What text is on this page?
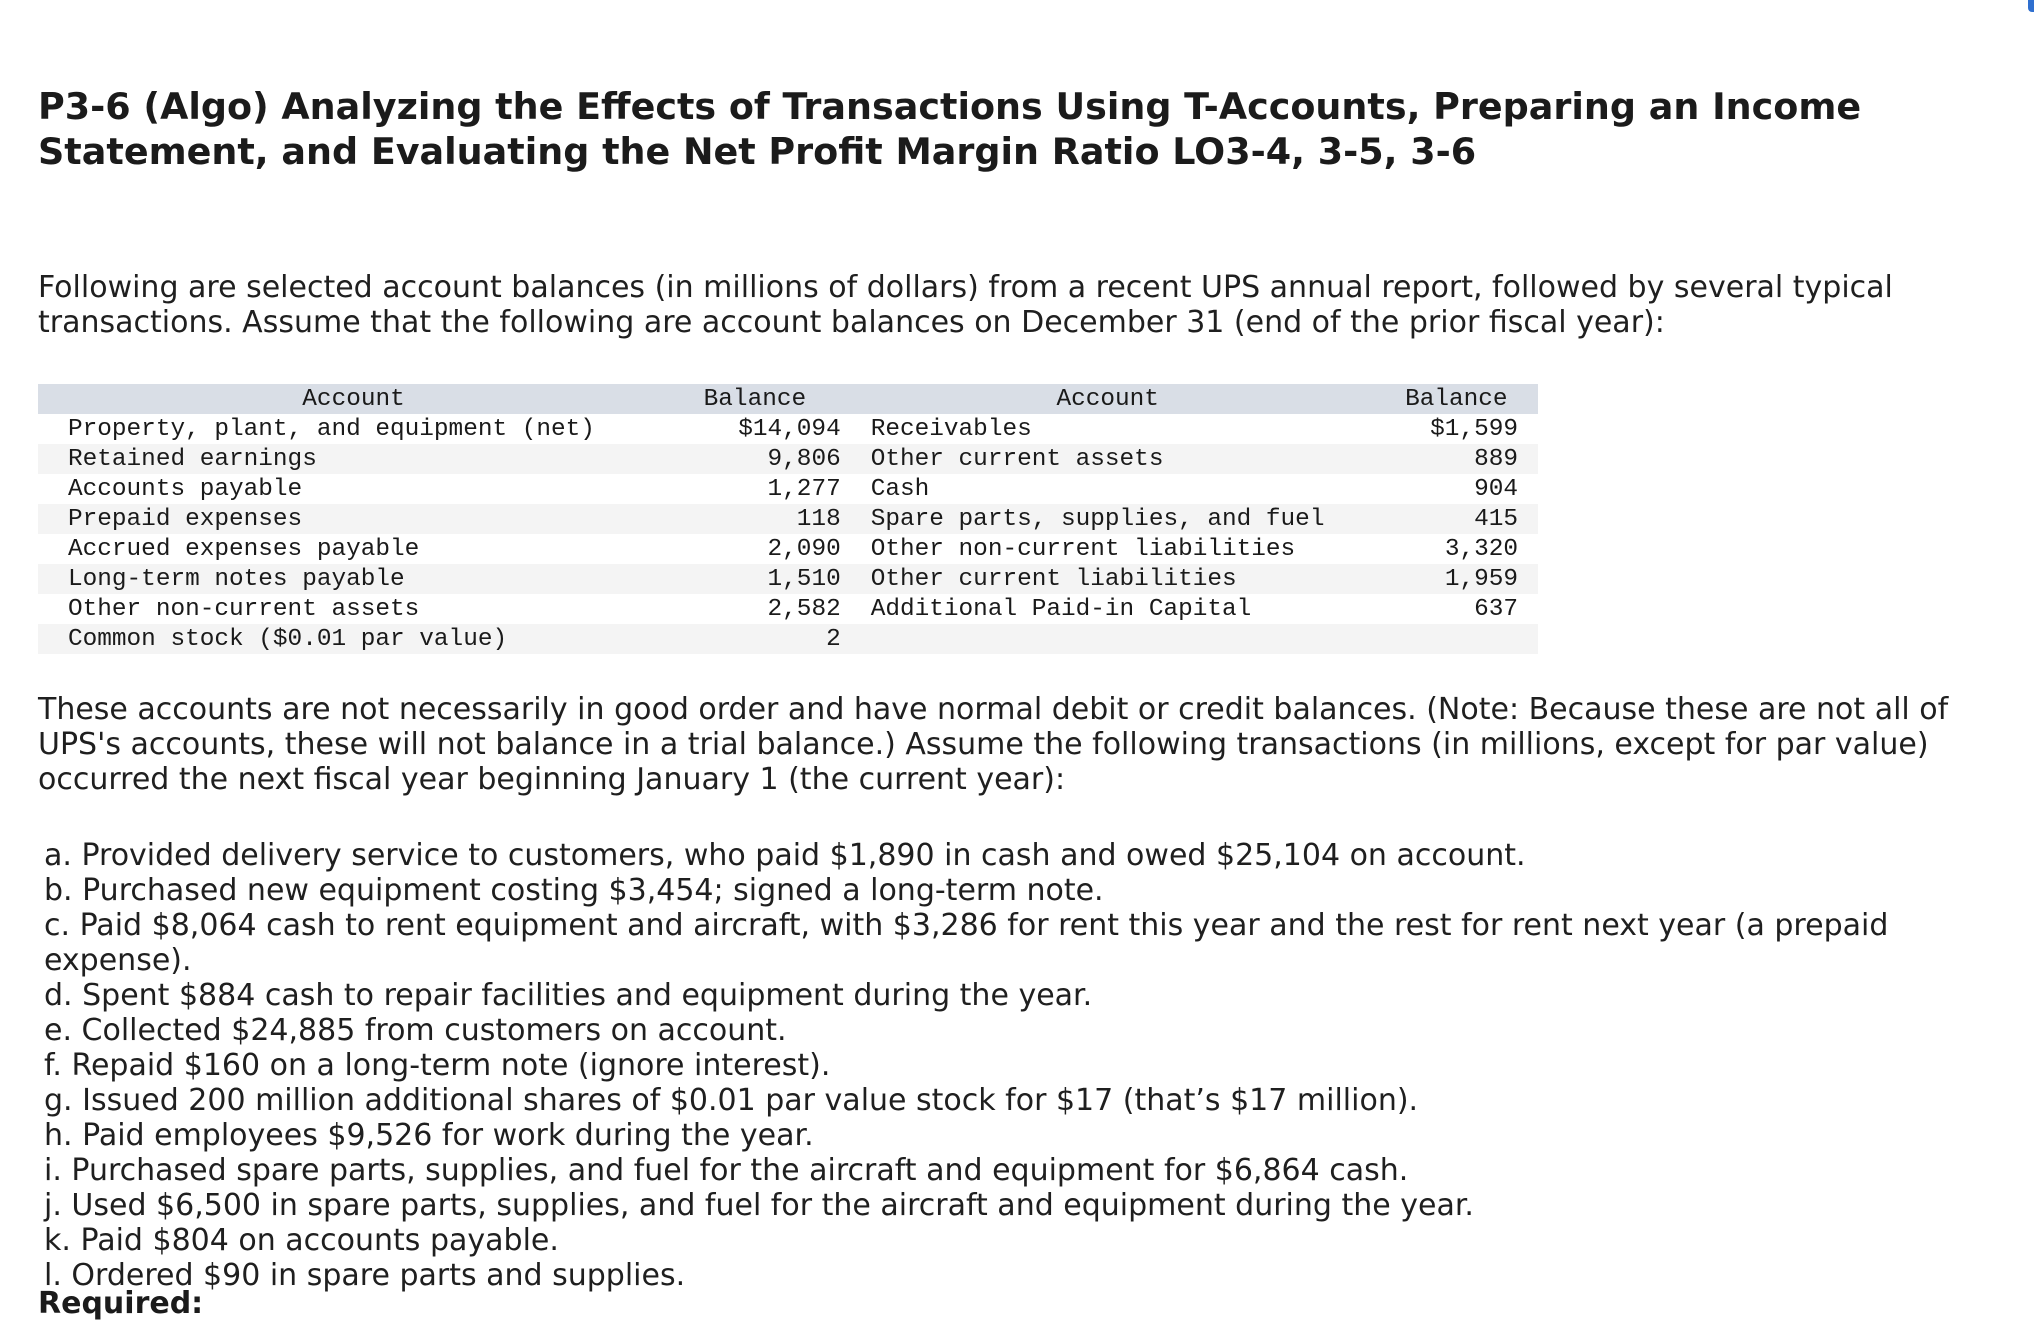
P3-6 (Algo) Analyzing the Effects of Transactions Using T-Accounts, Preparing an Income Statement, and Evaluating the Net Profit Margin Ratio LO3-4, 3-5, 3-6

Following are selected account balances (in millions of dollars) from a recent UPS annual report, followed by several typical transactions. Assume that the following are account balances on December 31 (end of the prior fiscal year):

Account	Balance	Account	Balance
Property, plant, and equipment (net)	$14,094	Receivables	$1,599
Retained earnings	9,806	Other current assets	889
Accounts payable	1,277	Cash	904
Prepaid expenses	118	Spare parts, supplies, and fuel	415
Accrued expenses payable	2,090	Other non-current liabilities	3,320
Long-term notes payable	1,510	Other current liabilities	1,959
Other non-current assets	2,582	Additional Paid-in Capital	637
Common stock ($0.01 par value)	2		

These accounts are not necessarily in good order and have normal debit or credit balances. (Note: Because these are not all of UPS's accounts, these will not balance in a trial balance.) Assume the following transactions (in millions, except for par value) occurred the next fiscal year beginning January 1 (the current year):

a. Provided delivery service to customers, who paid $1,890 in cash and owed $25,104 on account.
b. Purchased new equipment costing $3,454; signed a long-term note.
c. Paid $8,064 cash to rent equipment and aircraft, with $3,286 for rent this year and the rest for rent next year (a prepaid expense).
d. Spent $884 cash to repair facilities and equipment during the year.
e. Collected $24,885 from customers on account.
f. Repaid $160 on a long-term note (ignore interest).
g. Issued 200 million additional shares of $0.01 par value stock for $17 (that’s $17 million).
h. Paid employees $9,526 for work during the year.
i. Purchased spare parts, supplies, and fuel for the aircraft and equipment for $6,864 cash.
j. Used $6,500 in spare parts, supplies, and fuel for the aircraft and equipment during the year.
k. Paid $804 on accounts payable.
l. Ordered $90 in spare parts and supplies.
Required:
